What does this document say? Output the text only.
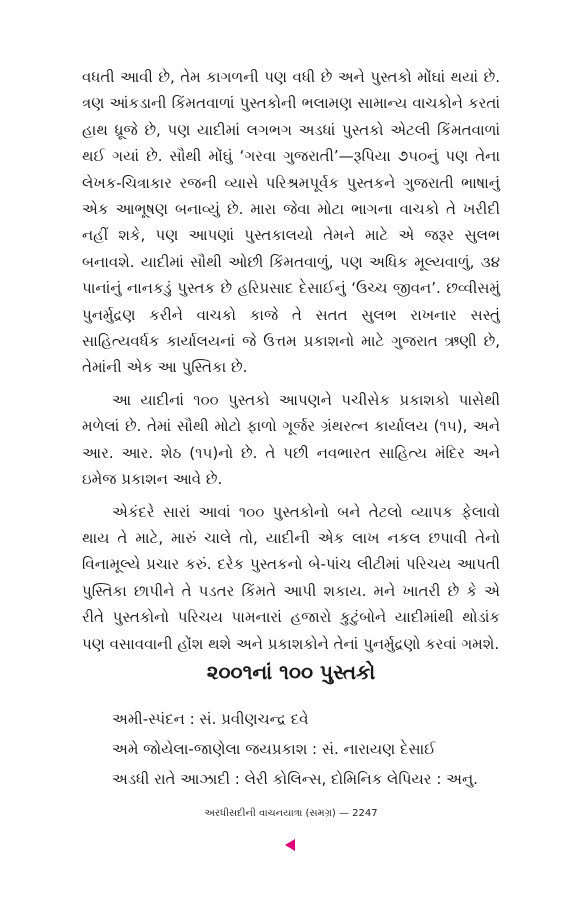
વધતી આવી છે, તેમ કાગળની પણ વધી છે અને પુસ્તકો મોંઘાં થયાં છે. ત્રણ આંકડાની કિંમતવાળાં પુસ્તકોની ભલામણ સામાન્ય વાચકોને કરતાં હાથ ધ્રૂજે છે, પણ યાદીમાં લગભગ અડધાં પુસ્તકો એટલી કિંમતવાળાં થઈ ગયાં છે. સૌથી મોંઘું ‘ગરવા ગુજરાતી’—રૂપિયા ૭૫૦નું પણ તેના લેખક-ચિત્રાકાર રજની વ્યાસે પરિશ્રમપૂર્વક પુસ્તકને ગુજરાતી ભાષાનું એક આભૂષણ બનાવ્યું છે. મારા જેવા મોટા ભાગના વાચકો તે ખરીદી નહીં શકે, પણ આપણાં પુસ્તકાલયો તેમને માટે એ જરૂર સુલભ બનાવશે. યાદીમાં સૌથી ઓછી કિંમતવાળું, પણ અધિક મૂલ્યવાળું, ૩૪ પાનાંનું નાનકડું પુસ્તક છે હરિપ્રસાદ દેસાઈનું ‘ઉચ્ચ જીવન’. છવ્વીસમું પુનર્મુદ્રણ કરીને વાચકો કાજે તે સતત સુલભ રાખનાર સસ્તું સાહિત્યવર્ધક કાર્યાલયનાં જે ઉત્તમ પ્રકાશનો માટે ગુજરાત ઋણી છે, તેમાંની એક આ પુસ્તિકા છે.

આ યાદીનાં ૧૦૦ પુસ્તકો આપણને પચીસેક પ્રકાશકો પાસેથી મળેલાં છે. તેમાં સૌથી મોટો ફાળો ગૂર્જર ગ્રંથરત્ન કાર્યાલય (૧૫), અને આર. આર. શેઠ (૧૫)નો છે. તે પછી નવભારત સાહિત્ય મંદિર અને ઇમેજ પ્રકાશન આવે છે.

એકંદરે સારાં આવાં ૧૦૦ પુસ્તકોનો બને તેટલો વ્યાપક ફેલાવો થાય તે માટે, મારું ચાલે તો, યાદીની એક લાખ નકલ છપાવી તેનો વિનામૂલ્યે પ્રચાર કરું. દરેક પુસ્તકનો બે-પાંચ લીટીમાં પરિચય આપતી પુસ્તિકા છાપીને તે પડતર કિંમતે આપી શકાય. મને ખાતરી છે કે એ રીતે પુસ્તકોનો પરિચય પામનારાં હજારો કુટુંબોને યાદીમાંથી થોડાંક પણ વસાવવાની હોંશ થશે અને પ્રકાશકોને તેનાં પુનર્મુદ્રણો કરવાં ગમશે.

૨૦૦૧નાં ૧૦૦ પુસ્તકો
અમી-સ્પંદન : સં. પ્રવીણચન્દ્ર દવે
અમે જોયેલા-જાણેલા જયપ્રકાશ : સં. નારાયણ દેસાઈ
અડધી રાતે આઝાદી : લેરી કોલિન્સ, દોમિનિક લેપિયર : અનુ.
અરધીસદીની વાચનયાત્રા (સમગ્ર) — 2247
